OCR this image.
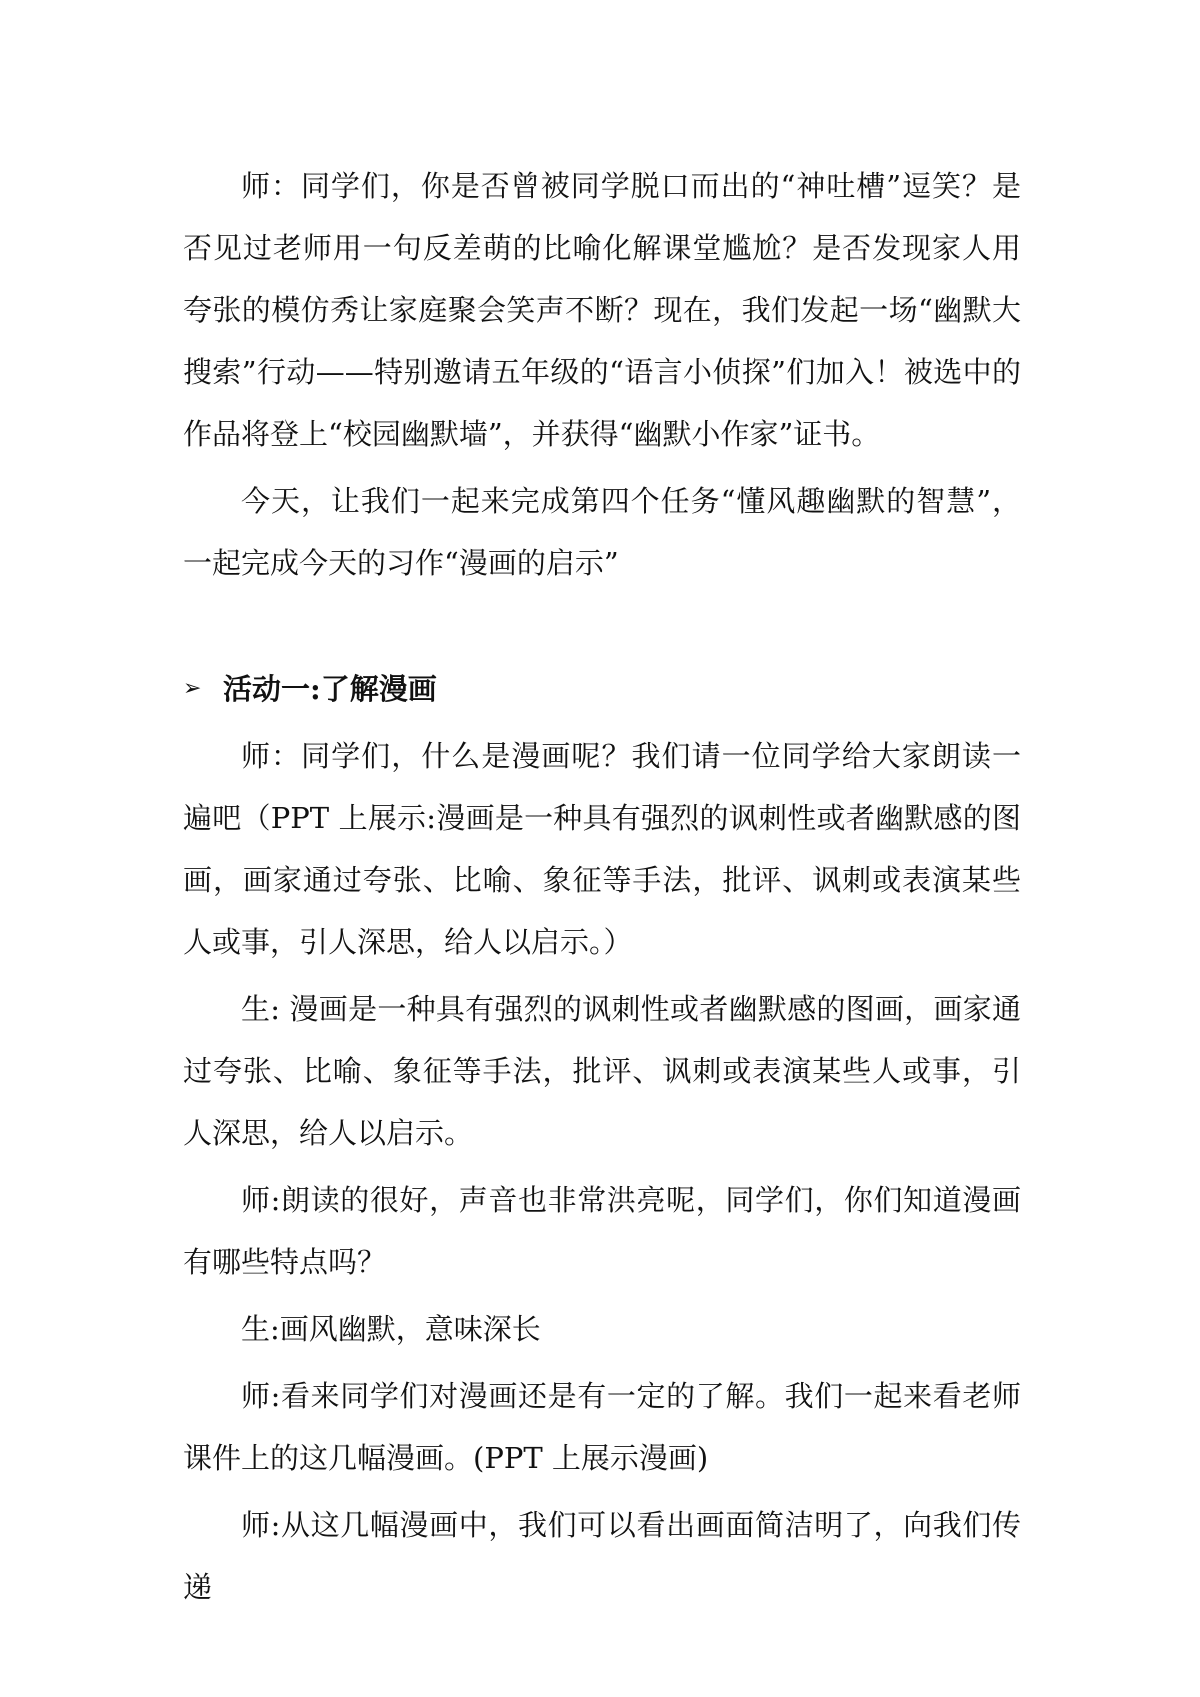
师：同学们，你是否曾被同学脱口而出的“神吐槽”逗笑？是否见过老师用一句反差萌的比喻化解课堂尴尬？是否发现家人用夸张的模仿秀让家庭聚会笑声不断？现在，我们发起一场“幽默大搜索”行动——特别邀请五年级的“语言小侦探”们加入！被选中的作品将登上“校园幽默墙”，并获得“幽默小作家”证书。

今天，让我们一起来完成第四个任务“懂风趣幽默的智慧”，一起完成今天的习作“漫画的启示”

➢ 活动一:了解漫画

师：同学们，什么是漫画呢？我们请一位同学给大家朗读一遍吧（PPT 上展示:漫画是一种具有强烈的讽刺性或者幽默感的图画，画家通过夸张、比喻、象征等手法，批评、讽刺或表演某些人或事，引人深思，给人以启示。）

生: 漫画是一种具有强烈的讽刺性或者幽默感的图画，画家通过夸张、比喻、象征等手法，批评、讽刺或表演某些人或事，引人深思，给人以启示。

师:朗读的很好，声音也非常洪亮呢，同学们，你们知道漫画有哪些特点吗？

生:画风幽默，意味深长

师:看来同学们对漫画还是有一定的了解。我们一起来看老师课件上的这几幅漫画。(PPT 上展示漫画)

师:从这几幅漫画中，我们可以看出画面简洁明了，向我们传递
